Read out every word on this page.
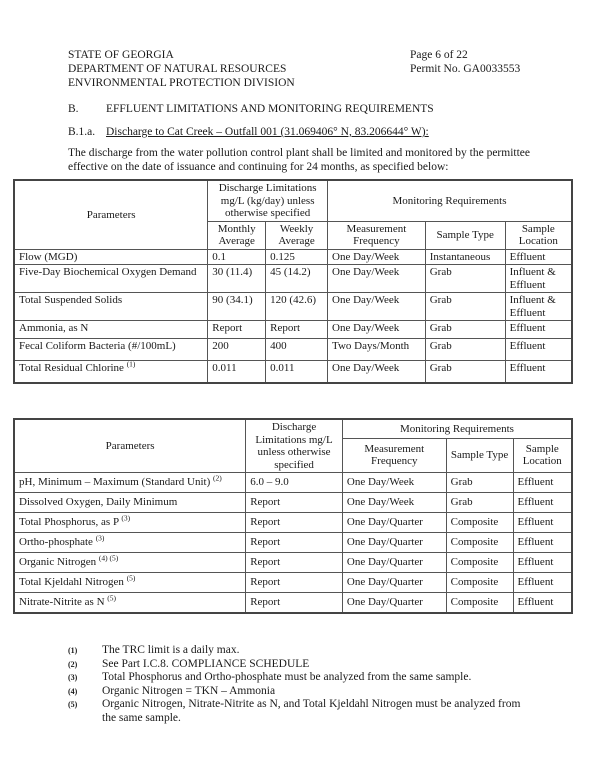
STATE OF GEORGIA
DEPARTMENT OF NATURAL RESOURCES
ENVIRONMENTAL PROTECTION DIVISION
Page 6 of 22
Permit No. GA0033553
B. EFFLUENT LIMITATIONS AND MONITORING REQUIREMENTS
B.1.a. Discharge to Cat Creek – Outfall 001 (31.069406° N, 83.206644° W):
The discharge from the water pollution control plant shall be limited and monitored by the permittee effective on the date of issuance and continuing for 24 months, as specified below:
Parameters	Discharge Limitations mg/L (kg/day) unless otherwise specified		Monitoring Requirements		
	Monthly Average	Weekly Average	Measurement Frequency	Sample Type	Sample Location
Flow (MGD)	0.1	0.125	One Day/Week	Instantaneous	Effluent
Five-Day Biochemical Oxygen Demand	30 (11.4)	45 (14.2)	One Day/Week	Grab	Influent & Effluent
Total Suspended Solids	90 (34.1)	120 (42.6)	One Day/Week	Grab	Influent & Effluent
Ammonia, as N	Report	Report	One Day/Week	Grab	Effluent
Fecal Coliform Bacteria (#/100mL)	200	400	Two Days/Month	Grab	Effluent
Total Residual Chlorine $^{(1)}$	0.011	0.011	One Day/Week	Grab	Effluent
Parameters	Discharge Limitations mg/L unless otherwise specified	Monitoring Requirements		
		Measurement Frequency	Sample Type	Sample Location
pH, Minimum – Maximum (Standard Unit) $^{(2)}$	6.0 – 9.0	One Day/Week	Grab	Effluent
Dissolved Oxygen, Daily Minimum	Report	One Day/Week	Grab	Effluent
Total Phosphorus, as P $^{(3)}$	Report	One Day/Quarter	Composite	Effluent
Ortho-phosphate $^{(3)}$	Report	One Day/Quarter	Composite	Effluent
Organic Nitrogen $^{(4) (5)}$	Report	One Day/Quarter	Composite	Effluent
Total Kjeldahl Nitrogen $^{(5)}$	Report	One Day/Quarter	Composite	Effluent
Nitrate-Nitrite as N $^{(5)}$	Report	One Day/Quarter	Composite	Effluent
(1)	The TRC limit is a daily max.
(2)	See Part I.C.8. COMPLIANCE SCHEDULE
(3)	Total Phosphorus and Ortho-phosphate must be analyzed from the same sample.
(4)	Organic Nitrogen = TKN – Ammonia
(5)	Organic Nitrogen, Nitrate-Nitrite as N, and Total Kjeldahl Nitrogen must be analyzed from the same sample.
